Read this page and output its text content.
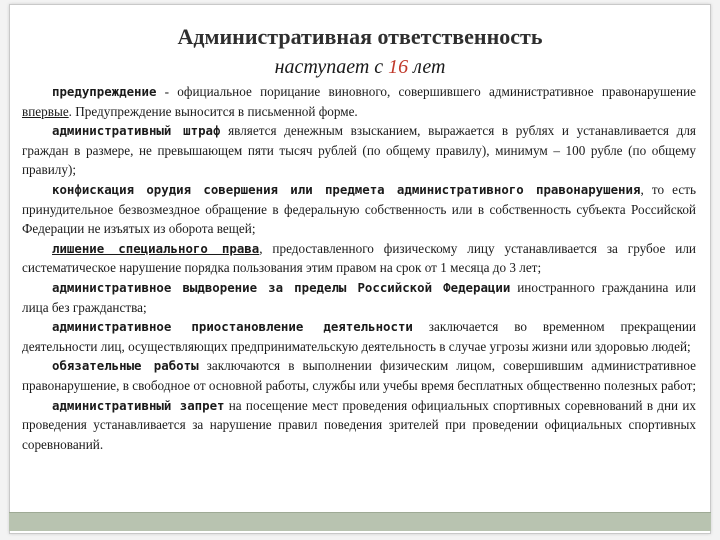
Административная ответственность
наступает с 16 лет

предупреждение - официальное порицание виновного, совершившего административное правонарушение впервые. Предупреждение выносится в письменной форме.

административный штраф является денежным взысканием, выражается в рублях и устанавливается для граждан в размере, не превышающем пяти тысяч рублей (по общему правилу), минимум – 100 рубле (по общему правилу);

конфискация орудия совершения или предмета административного правонарушения, то есть принудительное безвозмездное обращение в федеральную собственность или в собственность субъекта Российской Федерации не изъятых из оборота вещей;

лишение специального права, предоставленного физическому лицу устанавливается за грубое или систематическое нарушение порядка пользования этим правом на срок от 1 месяца до 3 лет;

административное выдворение за пределы Российской Федерации иностранного гражданина или лица без гражданства;

административное приостановление деятельности заключается во временном прекращении деятельности лиц, осуществляющих предпринимательскую деятельность в случае угрозы жизни или здоровью людей;

обязательные работы заключаются в выполнении физическим лицом, совершившим административное правонарушение, в свободное от основной работы, службы или учебы время бесплатных общественно полезных работ;

административный запрет на посещение мест проведения официальных спортивных соревнований в дни их проведения устанавливается за нарушение правил поведения зрителей при проведении официальных спортивных соревнований.
